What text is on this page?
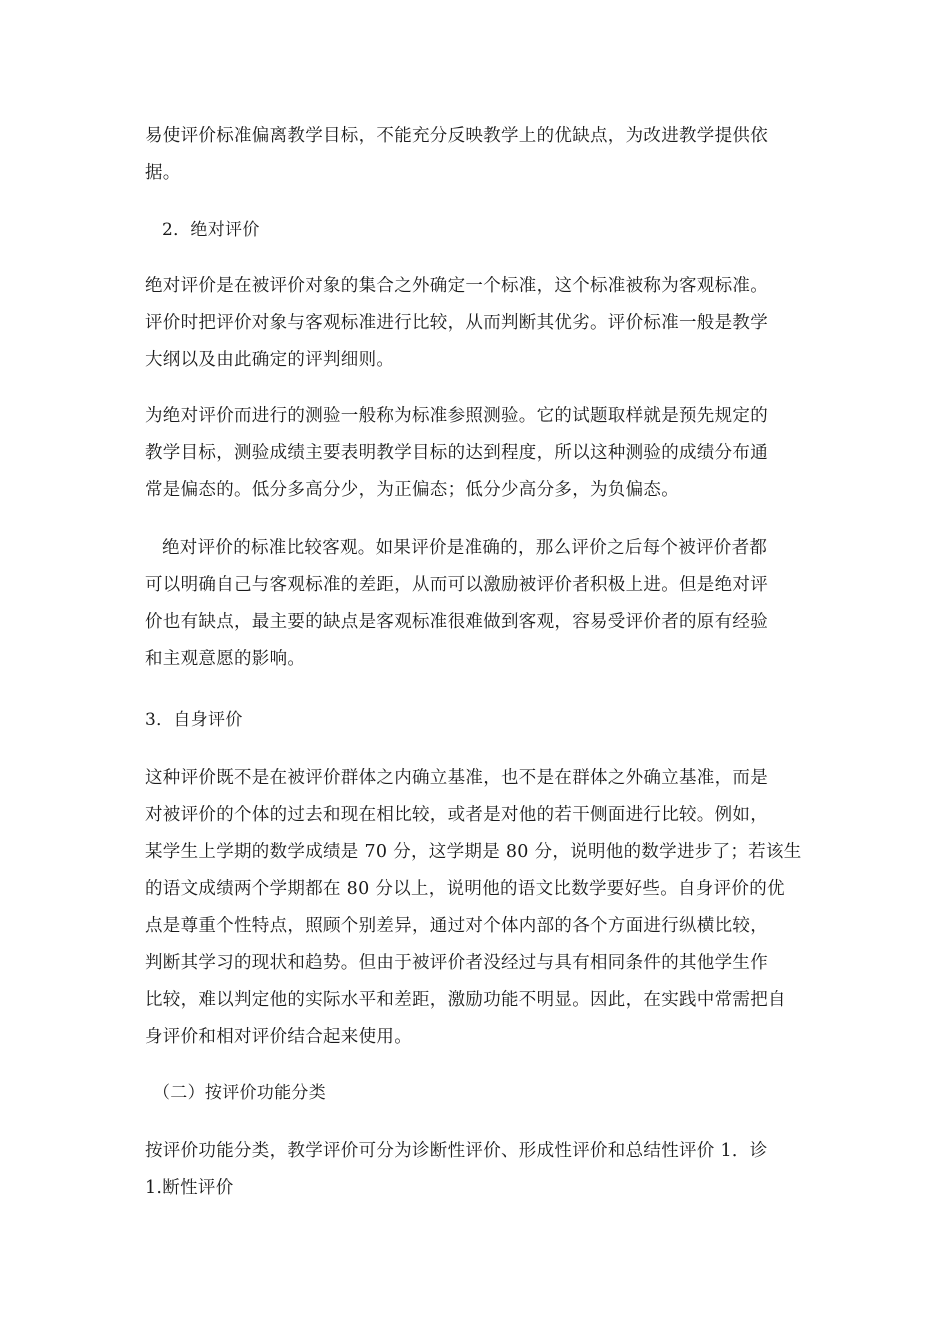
易使评价标准偏离教学目标，不能充分反映教学上的优缺点，为改进教学提供依
据。

2．绝对评价

绝对评价是在被评价对象的集合之外确定一个标准，这个标准被称为客观标准。
评价时把评价对象与客观标准进行比较，从而判断其优劣。评价标准一般是教学
大纲以及由此确定的评判细则。

为绝对评价而进行的测验一般称为标准参照测验。它的试题取样就是预先规定的
教学目标，测验成绩主要表明教学目标的达到程度，所以这种测验的成绩分布通
常是偏态的。低分多高分少，为正偏态；低分少高分多，为负偏态。

绝对评价的标准比较客观。如果评价是准确的，那么评价之后每个被评价者都
可以明确自己与客观标准的差距，从而可以激励被评价者积极上进。但是绝对评
价也有缺点，最主要的缺点是客观标准很难做到客观，容易受评价者的原有经验
和主观意愿的影响。

3．自身评价

这种评价既不是在被评价群体之内确立基准，也不是在群体之外确立基准，而是
对被评价的个体的过去和现在相比较，或者是对他的若干侧面进行比较。例如，
某学生上学期的数学成绩是 70 分，这学期是 80 分，说明他的数学进步了；若该生
的语文成绩两个学期都在 80 分以上，说明他的语文比数学要好些。自身评价的优
点是尊重个性特点，照顾个别差异，通过对个体内部的各个方面进行纵横比较，
判断其学习的现状和趋势。但由于被评价者没经过与具有相同条件的其他学生作
比较，难以判定他的实际水平和差距，激励功能不明显。因此，在实践中常需把自
身评价和相对评价结合起来使用。

（二）按评价功能分类

按评价功能分类，教学评价可分为诊断性评价、形成性评价和总结性评价 1．诊
1.断性评价
